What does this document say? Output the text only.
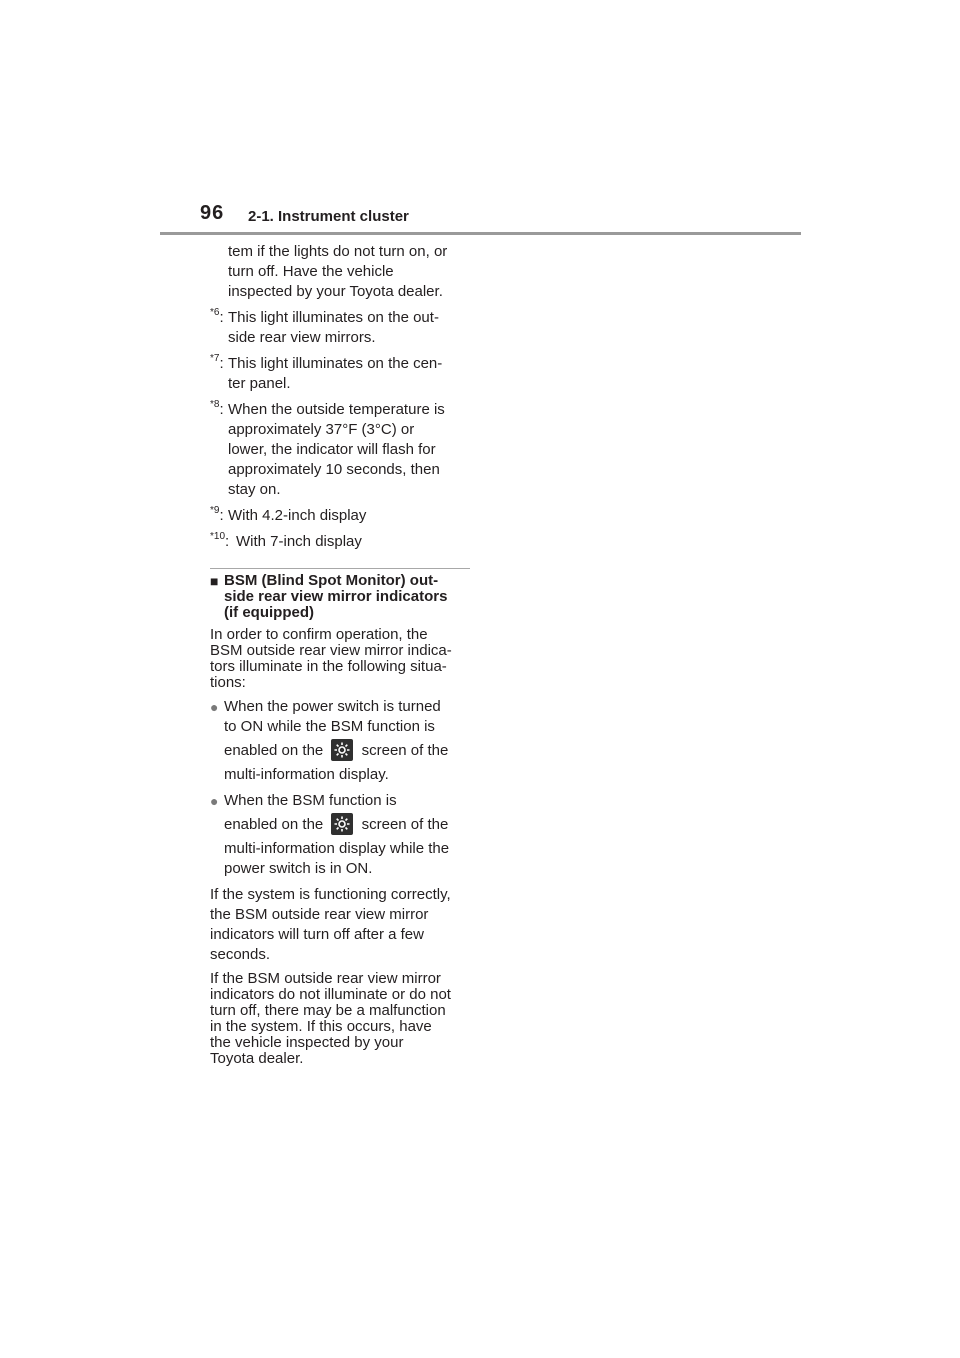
96 2-1. Instrument cluster
tem if the lights do not turn on, or
turn off. Have the vehicle
inspected by your Toyota dealer.
$^{*6}$: This light illuminates on the out-
side rear view mirrors.
$^{*7}$: This light illuminates on the cen-
ter panel.
$^{*8}$: When the outside temperature is
approximately 37°F (3°C) or
lower, the indicator will flash for
approximately 10 seconds, then
stay on.
$^{*9}$: With 4.2-inch display
$^{*10}$: With 7-inch display
■ BSM (Blind Spot Monitor) out-
side rear view mirror indicators
(if equipped)
In order to confirm operation, the
BSM outside rear view mirror indica-
tors illuminate in the following situa-
tions:
● When the power switch is turned
to ON while the BSM function is
enabled on the	screen of the
multi-information display.
● When the BSM function is
enabled on the	screen of the
multi-information display while the
power switch is in ON.
If the system is functioning correctly,
the BSM outside rear view mirror
indicators will turn off after a few
seconds.
If the BSM outside rear view mirror
indicators do not illuminate or do not
turn off, there may be a malfunction
in the system. If this occurs, have
the vehicle inspected by your
Toyota dealer.
